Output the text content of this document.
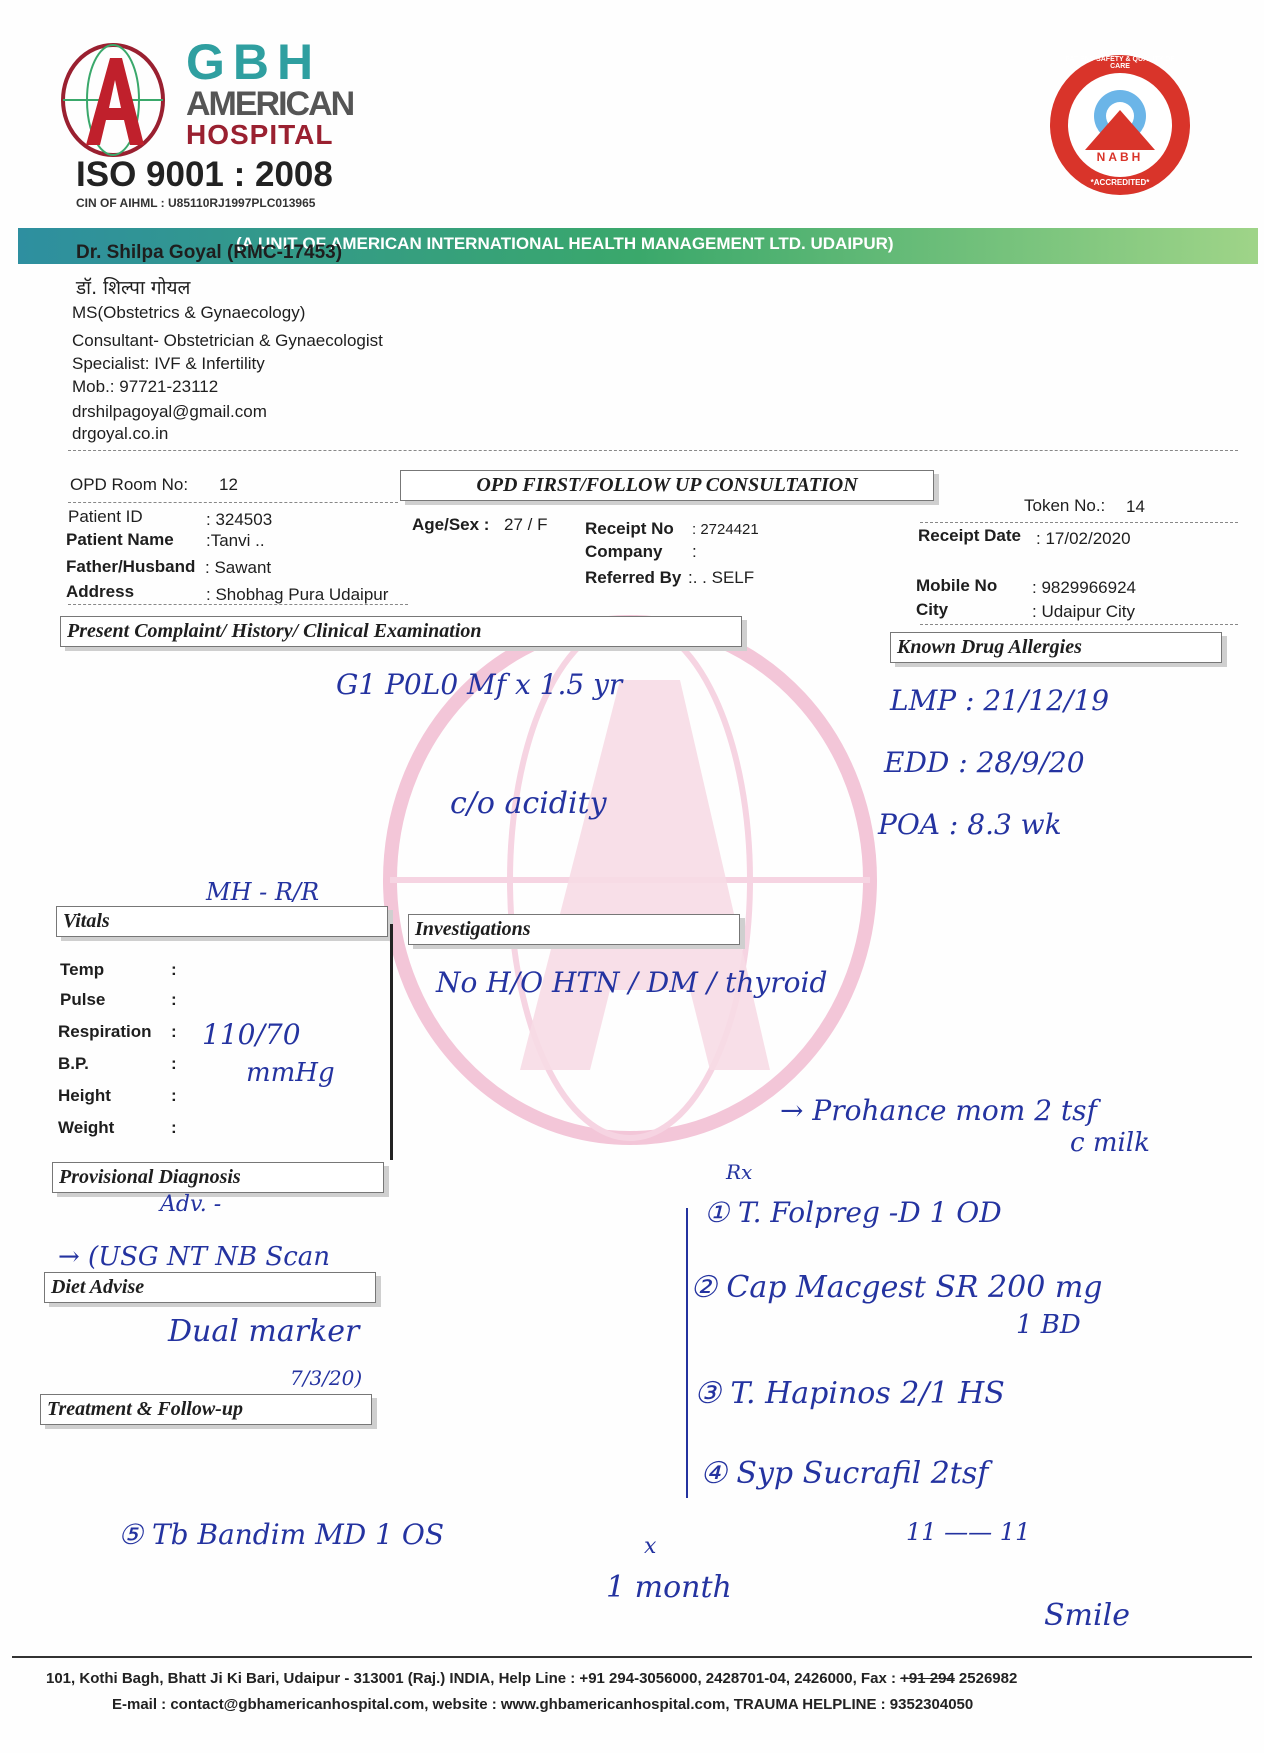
GBH
AMERICAN
HOSPITAL
ISO 9001 : 2008
CIN OF AIHML : U85110RJ1997PLC013965
PATIENT SAFETY & QUALITY OF CARE
NABH
*ACCREDITED*
(A UNIT OF AMERICAN INTERNATIONAL HEALTH MANAGEMENT LTD. UDAIPUR)
Dr. Shilpa Goyal (RMC-17453)
डॉ. शिल्पा गोयल
MS(Obstetrics & Gynaecology)
Consultant- Obstetrician & Gynaecologist
Specialist: IVF & Infertility
Mob.: 97721-23112
drshilpagoyal@gmail.com
drgoyal.co.in
OPD FIRST/FOLLOW UP CONSULTATION
OPD Room No: 12
Token No.: 14
Patient ID	: 324503
Patient Name :Tanvi ..
Father/Husband : Sawant
Address	: Shobhag Pura Udaipur
Age/Sex : 27 / F Receipt No : 2724421
Company :
Referred By :. . SELF
Receipt Date : 17/02/2020
Mobile No : 9829966924
City	: Udaipur City
Present Complaint/ History/ Clinical Examination
Known Drug Allergies
G1 P0L0 Mf x 1.5 yr
c/o acidity
MH - R/R
LMP : 21/12/19
EDD : 28/9/20
POA : 8.3 wk
Vitals
Temp	:
Pulse	:
Respiration :
B.P.	:
Height	:
Weight	:
110/70
mmHg
Investigations
No H/O HTN / DM / thyroid
→ Prohance mom 2 tsf
c milk
Rx
① T. Folpreg -D 1 OD
② Cap Macgest SR 200 mg
1 BD
③ T. Hapinos 2/1 HS
④ Syp Sucrafil 2tsf
11 —— 11
Provisional Diagnosis
Adv. -
→ (USG NT NB Scan
Diet Advise
Dual marker
7/3/20)
Treatment & Follow-up
⑤ Tb Bandim MD 1 OS	x
1 month
Smile
101, Kothi Bagh, Bhatt Ji Ki Bari, Udaipur - 313001 (Raj.) INDIA, Help Line : +91 294-3056000, 2428701-04, 2426000, Fax : +91 294 2526982
E-mail : contact@gbhamericanhospital.com, website : www.ghbamericanhospital.com, TRAUMA HELPLINE : 9352304050
